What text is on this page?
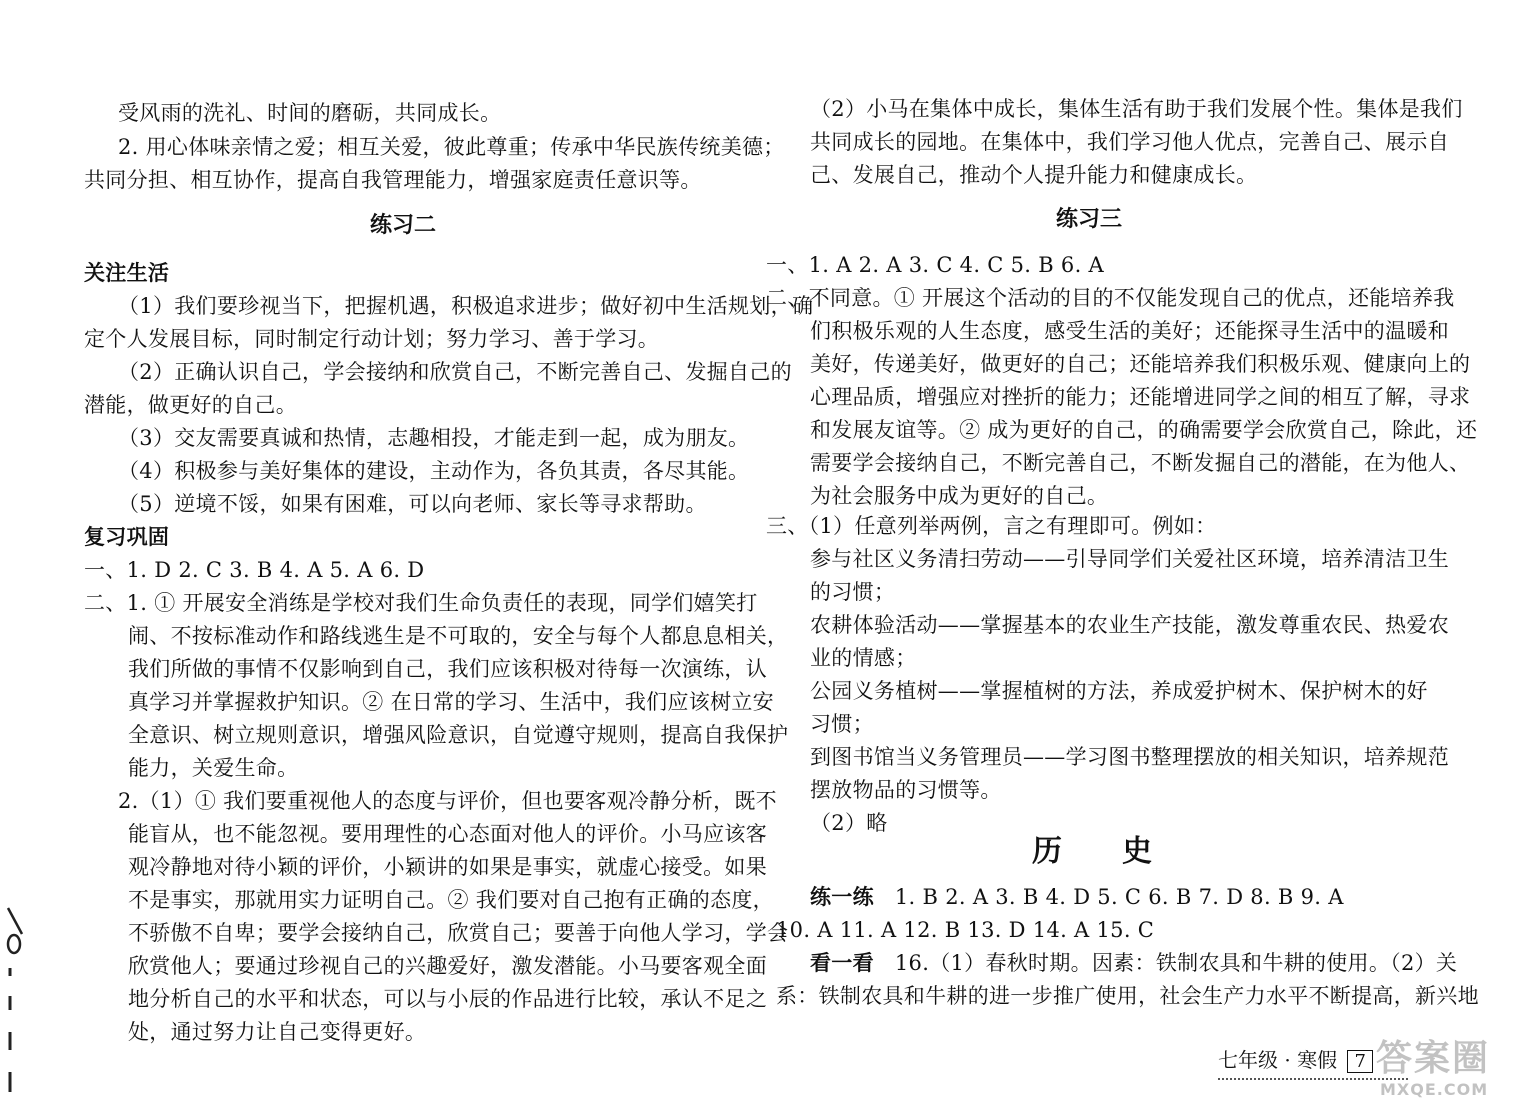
受风雨的洗礼、时间的磨砺，共同成长。
2. 用心体味亲情之爱；相互关爱，彼此尊重；传承中华民族传统美德；
共同分担、相互协作，提高自我管理能力，增强家庭责任意识等。
练习二
关注生活
（1）我们要珍视当下，把握机遇，积极追求进步；做好初中生活规划，确
定个人发展目标，同时制定行动计划；努力学习、善于学习。
（2）正确认识自己，学会接纳和欣赏自己，不断完善自己、发掘自己的
潜能，做更好的自己。
（3）交友需要真诚和热情，志趣相投，才能走到一起，成为朋友。
（4）积极参与美好集体的建设，主动作为，各负其责，各尽其能。
（5）逆境不馁，如果有困难，可以向老师、家长等寻求帮助。
复习巩固
一、1. D 2. C 3. B 4. A 5. A 6. D
二、1. ① 开展安全消练是学校对我们生命负责任的表现，同学们嬉笑打
闹、不按标准动作和路线逃生是不可取的，安全与每个人都息息相关，
我们所做的事情不仅影响到自己，我们应该积极对待每一次演练，认
真学习并掌握救护知识。② 在日常的学习、生活中，我们应该树立安
全意识、树立规则意识，增强风险意识，自觉遵守规则，提高自我保护
能力，关爱生命。
2.（1）① 我们要重视他人的态度与评价，但也要客观冷静分析，既不
能盲从，也不能忽视。要用理性的心态面对他人的评价。小马应该客
观冷静地对待小颖的评价，小颖讲的如果是事实，就虚心接受。如果
不是事实，那就用实力证明自己。② 我们要对自己抱有正确的态度，
不骄傲不自卑；要学会接纳自己，欣赏自己；要善于向他人学习，学会
欣赏他人；要通过珍视自己的兴趣爱好，激发潜能。小马要客观全面
地分析自己的水平和状态，可以与小辰的作品进行比较，承认不足之
处，通过努力让自己变得更好。
（2）小马在集体中成长，集体生活有助于我们发展个性。集体是我们
共同成长的园地。在集体中，我们学习他人优点，完善自己、展示自
己、发展自己，推动个人提升能力和健康成长。
练习三
一、1. A 2. A 3. C 4. C 5. B 6. A
二、不同意。① 开展这个活动的目的不仅能发现自己的优点，还能培养我
们积极乐观的人生态度，感受生活的美好；还能探寻生活中的温暖和
美好，传递美好，做更好的自己；还能培养我们积极乐观、健康向上的
心理品质，增强应对挫折的能力；还能增进同学之间的相互了解，寻求
和发展友谊等。② 成为更好的自己，的确需要学会欣赏自己，除此，还
需要学会接纳自己，不断完善自己，不断发掘自己的潜能，在为他人、
为社会服务中成为更好的自己。
三、（1）任意列举两例，言之有理即可。例如：
参与社区义务清扫劳动——引导同学们关爱社区环境，培养清洁卫生
的习惯；
农耕体验活动——掌握基本的农业生产技能，激发尊重农民、热爱农
业的情感；
公园义务植树——掌握植树的方法，养成爱护树木、保护树木的好
习惯；
到图书馆当义务管理员——学习图书整理摆放的相关知识，培养规范
摆放物品的习惯等。
（2）略
历史
练一练 1. B 2. A 3. B 4. D 5. C 6. B 7. D 8. B 9. A
10. A 11. A 12. B 13. D 14. A 15. C
看一看 16.（1）春秋时期。因素：铁制农具和牛耕的使用。（2）关
系：铁制农具和牛耕的进一步推广使用，社会生产力水平不断提高，新兴地
七年级 · 寒假 7 答案圈
MXQE.COM
